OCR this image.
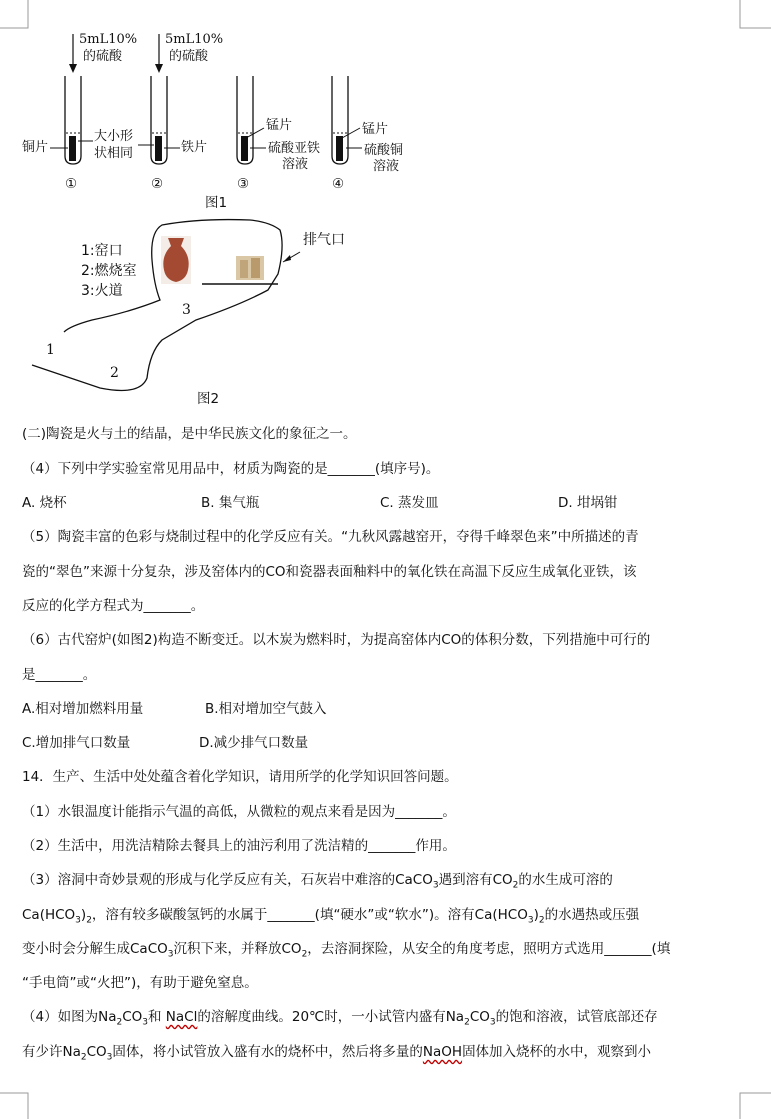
5mL10%
的硫酸
5mL10%
的硫酸
铜片
大小形
状相同	铁片
锰片
硫酸亚铁
溶液
锰片
硫酸铜
溶液
①	②	③	④
图1
1:窑口
2:燃烧室
3:火道
排气口
3
1
2
图2
(二)陶瓷是火与土的结晶，是中华民族文化的象征之一。
（4）下列中学实验室常见用品中，材质为陶瓷的是_______(填序号)。
A. 烧杯	B. 集气瓶	C. 蒸发皿	D. 坩埚钳
（5）陶瓷丰富的色彩与烧制过程中的化学反应有关。“九秋风露越窑开，夺得千峰翠色来”中所描述的青
瓷的“翠色”来源十分复杂，涉及窑体内的CO和瓷器表面釉料中的氧化铁在高温下反应生成氧化亚铁，该
反应的化学方程式为_______。
（6）古代窑炉(如图2)构造不断变迁。以木炭为燃料时，为提高窑体内CO的体积分数，下列措施中可行的
是_______。
A.相对增加燃料用量	B.相对增加空气鼓入
C.增加排气口数量	D.减少排气口数量
14．生产、生活中处处蕴含着化学知识，请用所学的化学知识回答问题。
（1）水银温度计能指示气温的高低，从微粒的观点来看是因为_______。
（2）生活中，用洗洁精除去餐具上的油污利用了洗洁精的_______作用。
（3）溶洞中奇妙景观的形成与化学反应有关，石灰岩中难溶的CaCO$_3$遇到溶有$CO_2$的水生成可溶的
$Ca(HCO_3)_2$，溶有较多碳酸氢钙的水属于_______(填“硬水”或“软水”)。溶有$Ca(HCO_3)_2$的水遇热或压强
变小时会分解生成CaCO$_3$沉积下来，并释放$CO_2$，去溶洞探险，从安全的角度考虑，照明方式选用_______(填
“手电筒”或“火把”)，有助于避免窒息。
（4）如图为$Na_2CO_3$和 NaCl的溶解度曲线。20℃时，一小试管内盛有$Na_2CO_3$的饱和溶液，试管底部还存
有少许$Na_2CO_3$固体，将小试管放入盛有水的烧杯中，然后将多量的NaOH固体加入烧杯的水中，观察到小
